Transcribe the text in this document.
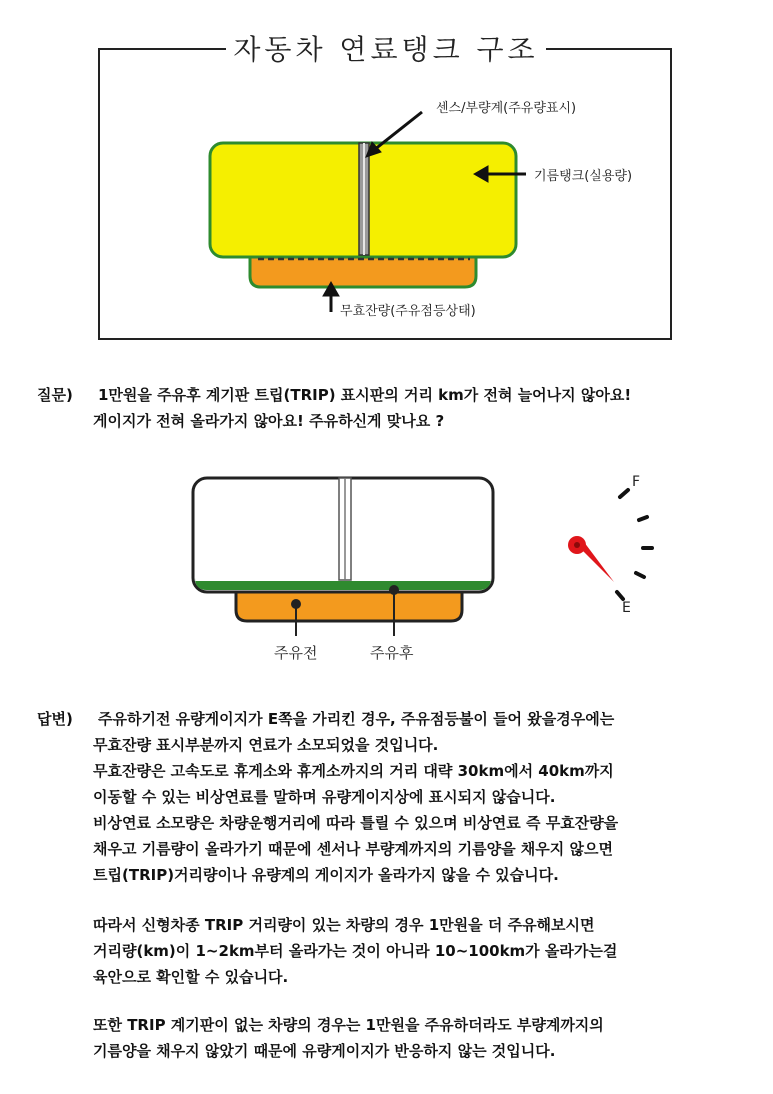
자동차 연료탱크 구조
센스/부량계(주유량표시)
기름탱크(실용량)
무효잔량(주유점등상태)
질문) 1만원을 주유후 계기판 트립(TRIP) 표시판의 거리 km가 전혀 늘어나지 않아요!
게이지가 전혀 올라가지 않아요! 주유하신게 맞나요 ?
주유전	주유후
F
E
답변) 주유하기전 유량게이지가 E쪽을 가리킨 경우, 주유점등불이 들어 왔을경우에는
무효잔량 표시부분까지 연료가 소모되었을 것입니다.
무효잔량은 고속도로 휴게소와 휴게소까지의 거리 대략 30km에서 40km까지
이동할 수 있는 비상연료를 말하며 유량게이지상에 표시되지 않습니다.
비상연료 소모량은 차량운행거리에 따라 틀릴 수 있으며 비상연료 즉 무효잔량을
채우고 기름량이 올라가기 때문에 센서나 부량계까지의 기름양을 채우지 않으면
트립(TRIP)거리량이나 유량계의 게이지가 올라가지 않을 수 있습니다.
따라서 신형차종 TRIP 거리량이 있는 차량의 경우 1만원을 더 주유해보시면
거리량(km)이 1~2km부터 올라가는 것이 아니라 10~100km가 올라가는걸
육안으로 확인할 수 있습니다.
또한 TRIP 계기판이 없는 차량의 경우는 1만원을 주유하더라도 부량계까지의
기름양을 채우지 않았기 때문에 유량게이지가 반응하지 않는 것입니다.
